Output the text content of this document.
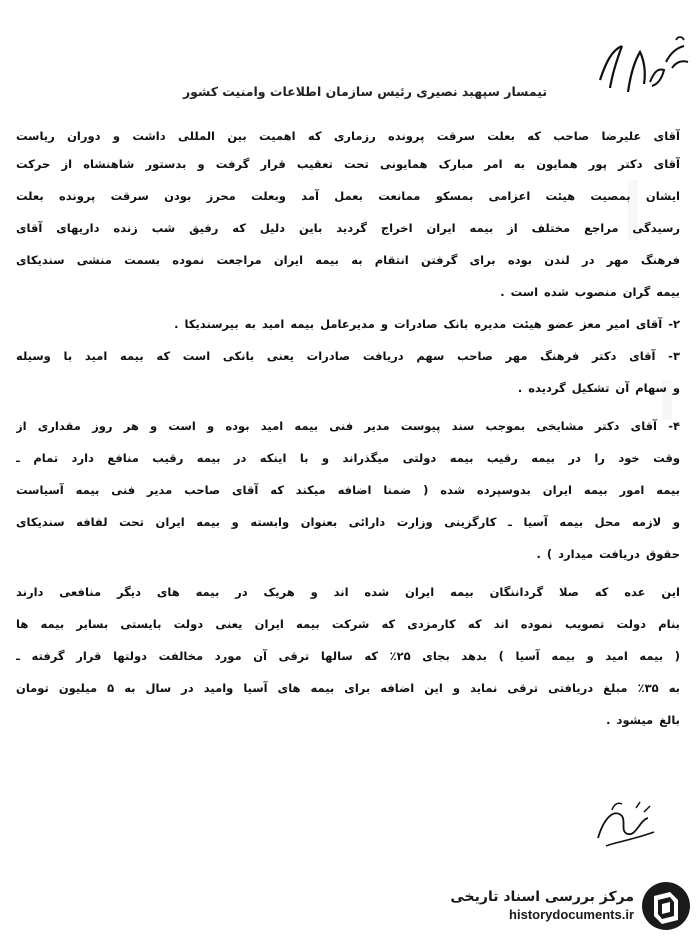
تیمسار سپهبد نصیری رئیس سازمان اطلاعات وامنیت کشور
آقای علیرضا صاحب که بعلت سرقت پرونده رزماری که اهمیت بین المللی داشت و دوران ریاست
آقای دکتر پور همایون به امر مبارک همایونی تحت تعقیب قرار گرفت و بدستور شاهنشاه از حرکت
ایشان بمصیت هیئت اعزامی بمسکو ممانعت بعمل آمد وبعلت محرز بودن سرقت پرونده بعلت
رسیدگی مراجع مختلف از بیمه ایران اخراج گردید باین دلیل که رفیق شب زنده داریهای آقای
فرهنگ مهر در لندن بوده برای گرفتن انتقام به بیمه ایران مراجعت نموده بسمت منشی سندیکای
بیمه گران منصوب شده است .
۲- آقای امیر معز عضو هیئت مدیره بانک صادرات و مدیرعامل بیمه امید به بیرسندیکا .
۳- آقای دکتر فرهنگ مهر صاحب سهم دریافت صادرات یعنی بانکی است که بیمه امید با وسیله
و سهام آن تشکیل گردیده .
۴- آقای دکتر مشایخی بموجب سند پیوست مدیر فنی بیمه امید بوده و است و هر روز مقداری از
وقت خود را در بیمه رقیب بیمه دولتی میگذراند و با اینکه در بیمه رقیب منافع دارد تمام ـ
بیمه امور بیمه ایران بدوسپرده شده ( ضمنا اضافه میکند که آقای صاحب مدیر فنی بیمه آسیاست
و لازمه محل بیمه آسیا ـ کارگزینی وزارت دارائی بعنوان وابسته و بیمه ایران تحت لفافه سندیکای
حقوق دریافت میدارد ) .
این عده که صلا گرداننگان بیمه ایران شده اند و هریک در بیمه های دیگر منافعی دارند
بنام دولت تصویب نموده اند که کارمزدی که شرکت بیمه ایران یعنی دولت بایستی بسایر بیمه ها
( بیمه امید و بیمه آسیا ) بدهد بجای ۲۵٪ که سالها ترقی آن مورد مخالفت دولتها قرار گرفته ـ
به ۳۵٪ مبلغ دریافتی ترقی نماید و این اضافه برای بیمه های آسیا وامید در سال به ۵ میلیون تومان
بالغ میشود .
مرکز بررسی اسناد تاریخی
historydocuments.ir
